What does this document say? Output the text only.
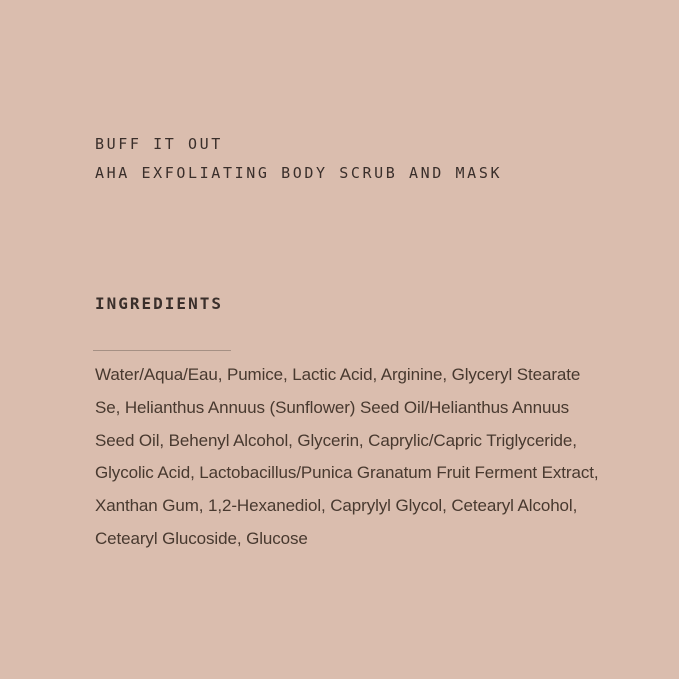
BUFF IT OUT
AHA EXFOLIATING BODY SCRUB AND MASK
INGREDIENTS
Water/Aqua/Eau, Pumice, Lactic Acid, Arginine, Glyceryl Stearate
Se, Helianthus Annuus (Sunflower) Seed Oil/Helianthus Annuus
Seed Oil, Behenyl Alcohol, Glycerin, Caprylic/Capric Triglyceride,
Glycolic Acid, Lactobacillus/Punica Granatum Fruit Ferment Extract,
Xanthan Gum, 1,2-Hexanediol, Caprylyl Glycol, Cetearyl Alcohol,
Cetearyl Glucoside, Glucose
